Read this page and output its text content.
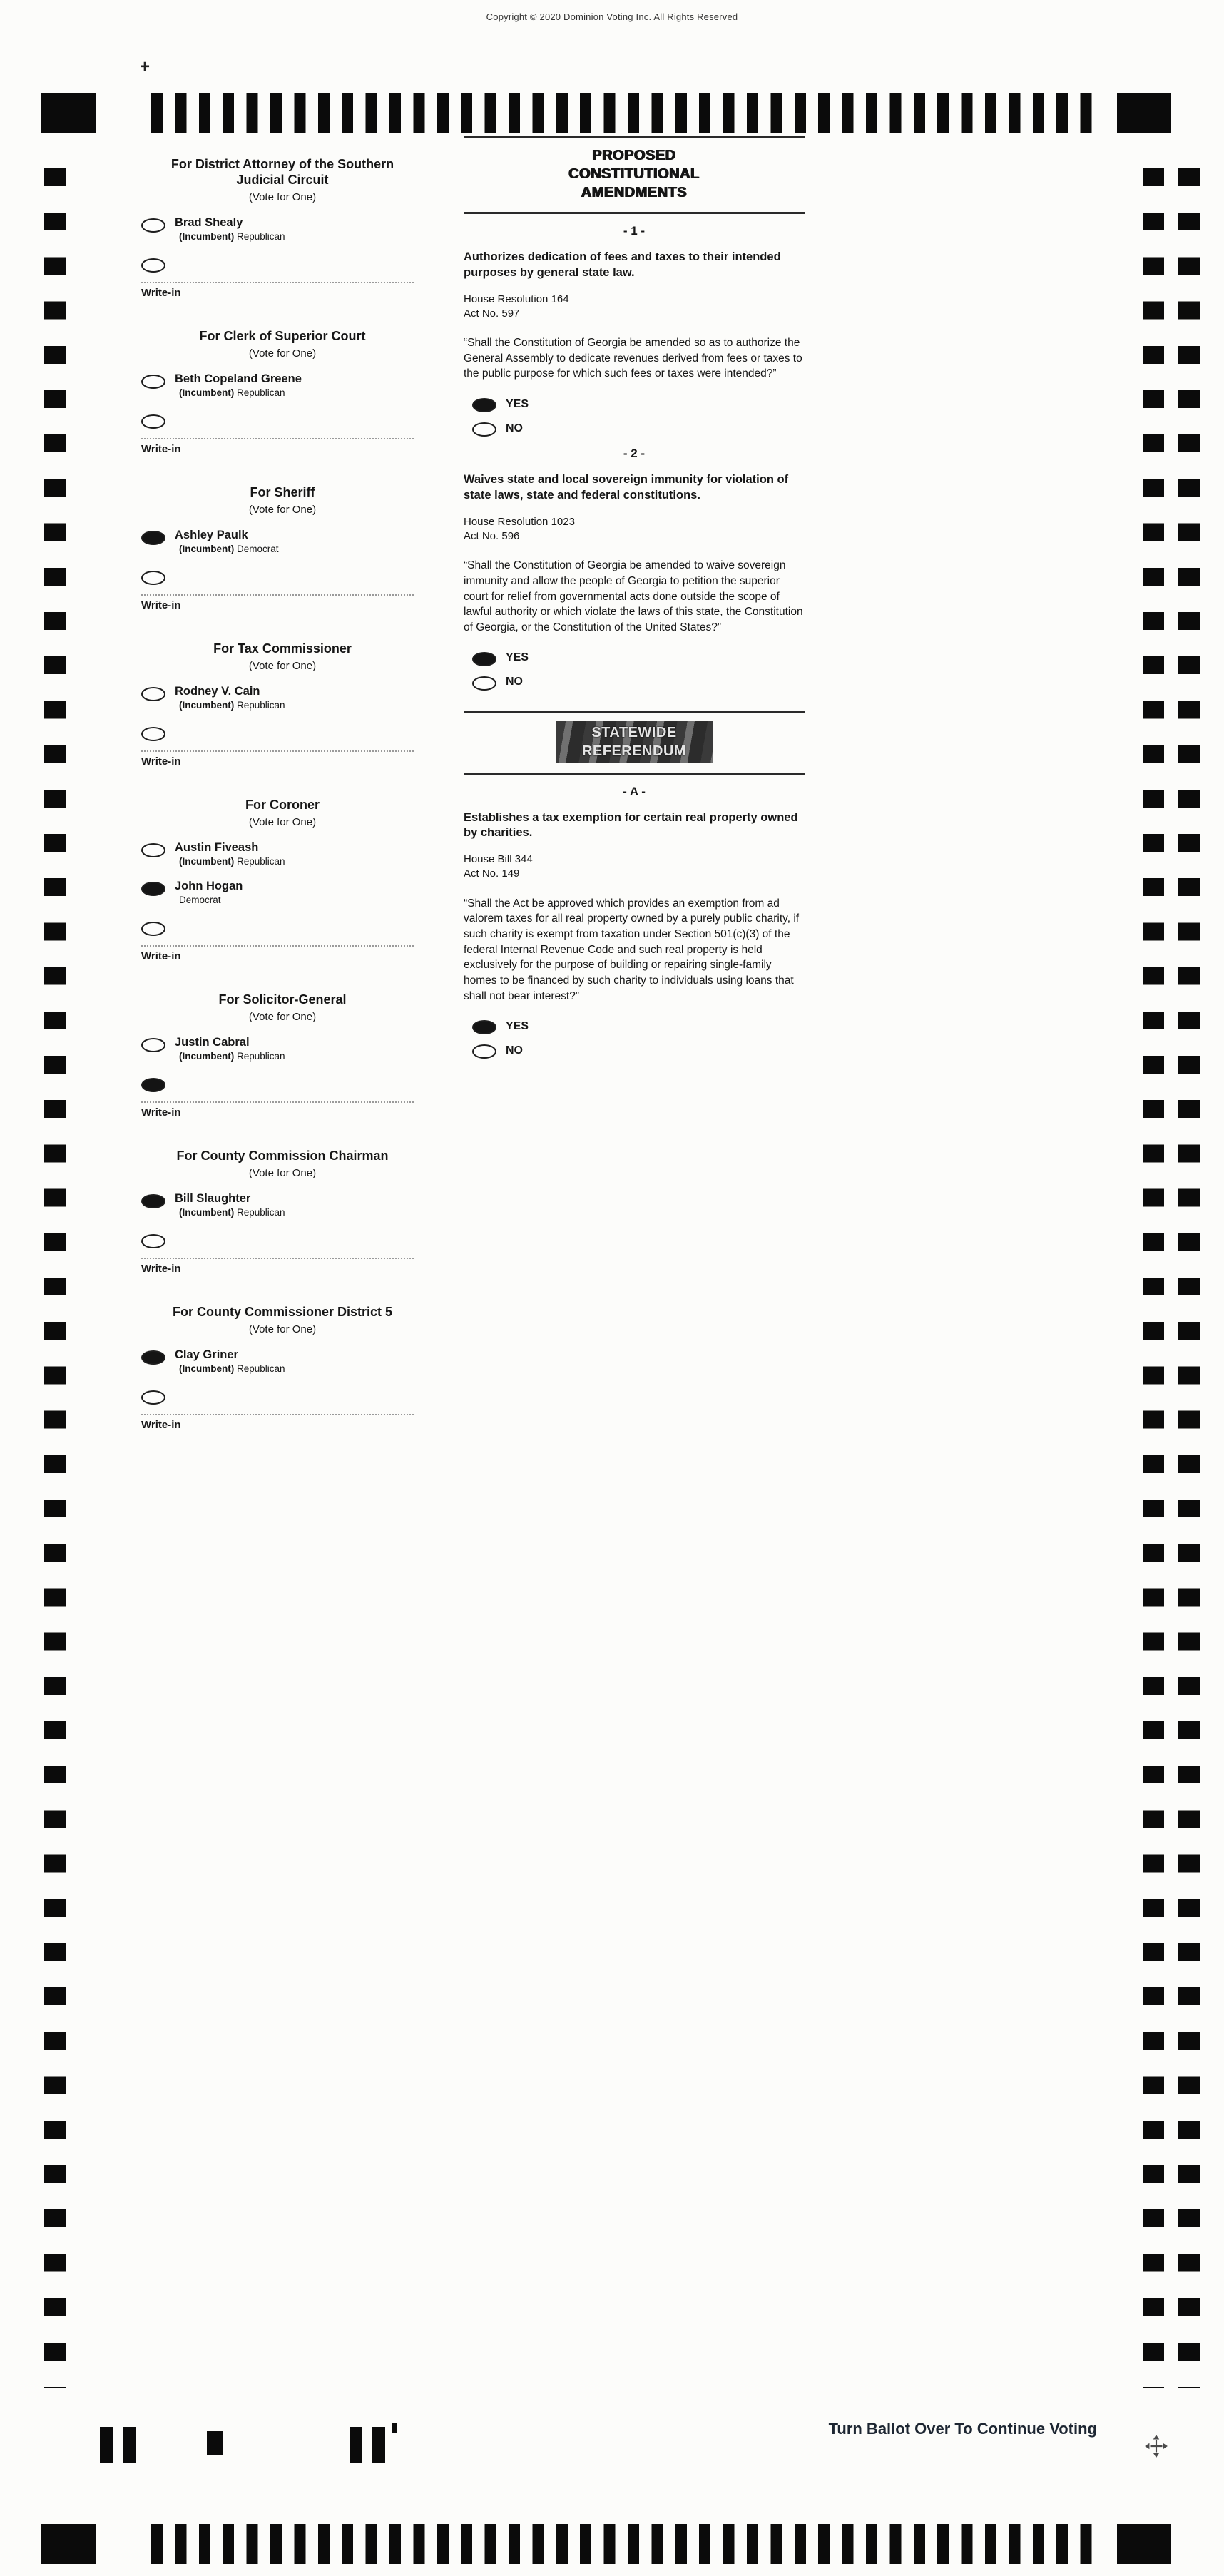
Copyright © 2020 Dominion Voting Inc. All Rights Reserved
+
For District Attorney of the Southern Judicial Circuit
(Vote for One)
Brad Shealy
(Incumbent) Republican
Write-in
For Clerk of Superior Court
(Vote for One)
Beth Copeland Greene
(Incumbent) Republican
Write-in
For Sheriff
(Vote for One)
Ashley Paulk
(Incumbent) Democrat
Write-in
For Tax Commissioner
(Vote for One)
Rodney V. Cain
(Incumbent) Republican
Write-in
For Coroner
(Vote for One)
Austin Fiveash
(Incumbent) Republican
John Hogan
Democrat
Write-in
For Solicitor-General
(Vote for One)
Justin Cabral
(Incumbent) Republican
Write-in
For County Commission Chairman
(Vote for One)
Bill Slaughter
(Incumbent) Republican
Write-in
For County Commissioner District 5
(Vote for One)
Clay Griner
(Incumbent) Republican
Write-in
PROPOSED CONSTITUTIONAL AMENDMENTS
- 1 -
Authorizes dedication of fees and taxes to their intended purposes by general state law.
House Resolution 164
Act No. 597
“Shall the Constitution of Georgia be amended so as to authorize the General Assembly to dedicate revenues derived from fees or taxes to the public purpose for which such fees or taxes were intended?”
YES
NO
- 2 -
Waives state and local sovereign immunity for violation of state laws, state and federal constitutions.
House Resolution 1023
Act No. 596
“Shall the Constitution of Georgia be amended to waive sovereign immunity and allow the people of Georgia to petition the superior court for relief from governmental acts done outside the scope of lawful authority or which violate the laws of this state, the Constitution of Georgia, or the Constitution of the United States?”
YES
NO
STATEWIDE REFERENDUM
- A -
Establishes a tax exemption for certain real property owned by charities.
House Bill 344
Act No. 149
“Shall the Act be approved which provides an exemption from ad valorem taxes for all real property owned by a purely public charity, if such charity is exempt from taxation under Section 501(c)(3) of the federal Internal Revenue Code and such real property is held exclusively for the purpose of building or repairing single-family homes to be financed by such charity to individuals using loans that shall not bear interest?”
YES
NO
Turn Ballot Over To Continue Voting
